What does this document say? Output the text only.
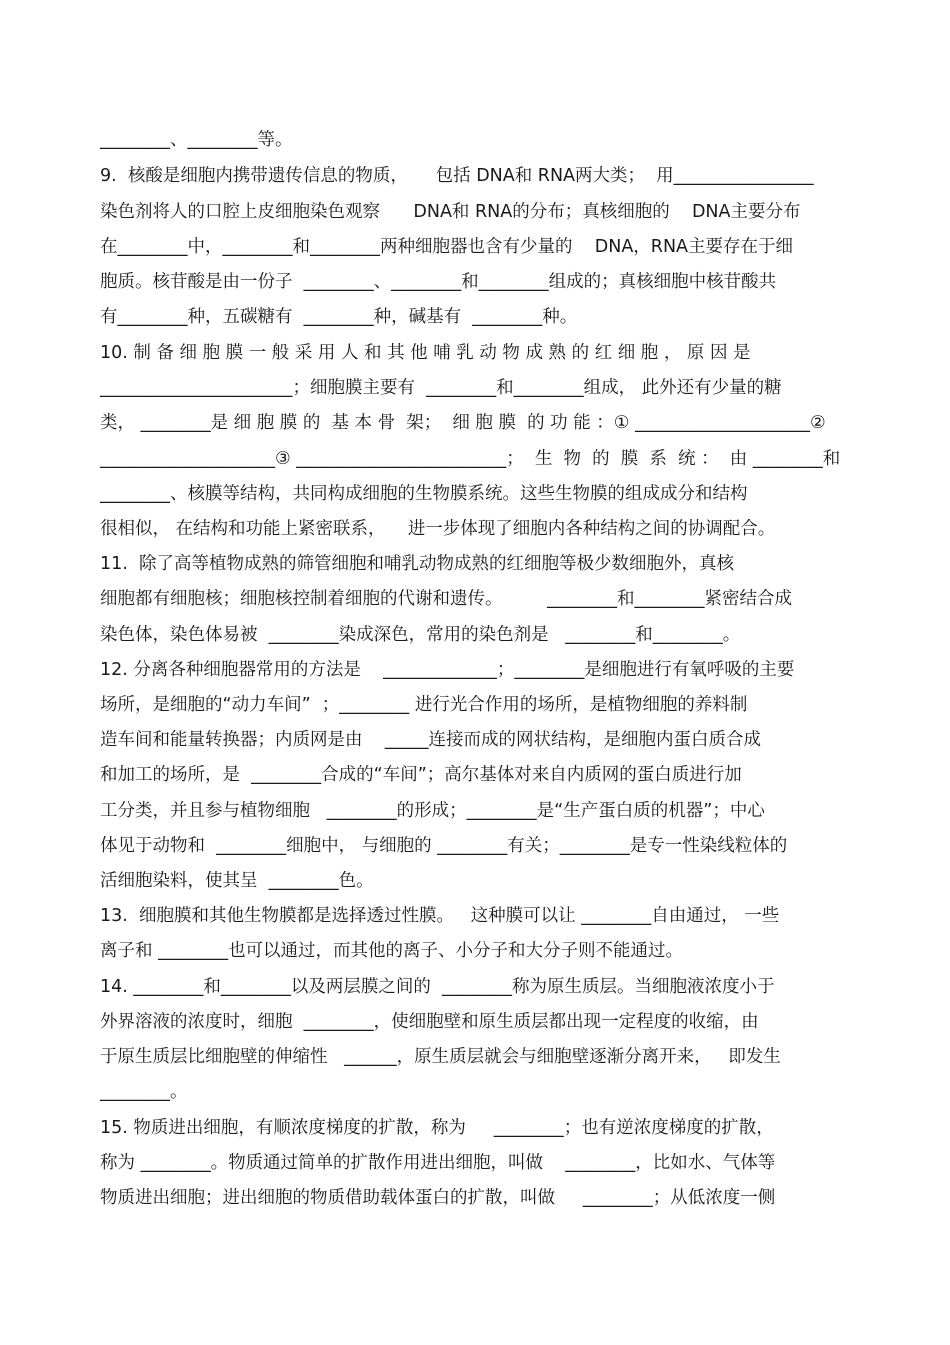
________、________等。
9.  核酸是细胞内携带遗传信息的物质，     包括 DNA和 RNA两大类；  用________________
染色剂将人的口腔上皮细胞染色观察      DNA和 RNA的分布；真核细胞的    DNA主要分布
在________中，________和________两种细胞器也含有少量的    DNA，RNA主要存在于细
胞质。核苷酸是由一份子  ________、________和________组成的；真核细胞中核苷酸共
有________种，五碳糖有  ________种，碱基有  ________种。
10. 制 备 细 胞 膜 一 般 采 用 人 和 其 他 哺 乳 动 物 成 熟 的 红 细 胞 ， 原 因 是
______________________；细胞膜主要有  ________和________组成， 此外还有少量的糖
类， ________是 细 胞 膜 的  基 本 骨  架；  细 胞 膜  的 功 能 ：① ____________________②
____________________③ ________________________；  生  物  的  膜  系  统 ：  由 ________和
________、核膜等结构，共同构成细胞的生物膜系统。这些生物膜的组成成分和结构
很相似， 在结构和功能上紧密联系，    进一步体现了细胞内各种结构之间的协调配合。
11.  除了高等植物成熟的筛管细胞和哺乳动物成熟的红细胞等极少数细胞外，真核
细胞都有细胞核；细胞核控制着细胞的代谢和遗传。        ________和________紧密结合成
染色体，染色体易被  ________染成深色，常用的染色剂是   ________和________。
12. 分离各种细胞器常用的方法是    _____________；________是细胞进行有氧呼吸的主要
场所，是细胞的“动力车间”  ；________ 进行光合作用的场所，是植物细胞的养料制
造车间和能量转换器；内质网是由    _____连接而成的网状结构，是细胞内蛋白质合成
和加工的场所，是  ________合成的“车间”；高尔基体对来自内质网的蛋白质进行加
工分类，并且参与植物细胞   ________的形成；________是“生产蛋白质的机器”；中心
体见于动物和  ________细胞中， 与细胞的 ________有关；________是专一性染线粒体的
活细胞染料，使其呈  ________色。
13.  细胞膜和其他生物膜都是选择透过性膜。   这种膜可以让 ________自由通过， 一些
离子和 ________也可以通过，而其他的离子、小分子和大分子则不能通过。
14. ________和________以及两层膜之间的  ________称为原生质层。当细胞液浓度小于
外界溶液的浓度时，细胞  ________，使细胞壁和原生质层都出现一定程度的收缩，由
于原生质层比细胞壁的伸缩性   ______，原生质层就会与细胞壁逐渐分离开来，   即发生
________。
15. 物质进出细胞，有顺浓度梯度的扩散，称为     ________；也有逆浓度梯度的扩散，
称为 ________。物质通过简单的扩散作用进出细胞，叫做    ________，比如水、气体等
物质进出细胞；进出细胞的物质借助载体蛋白的扩散，叫做     ________；从低浓度一侧
